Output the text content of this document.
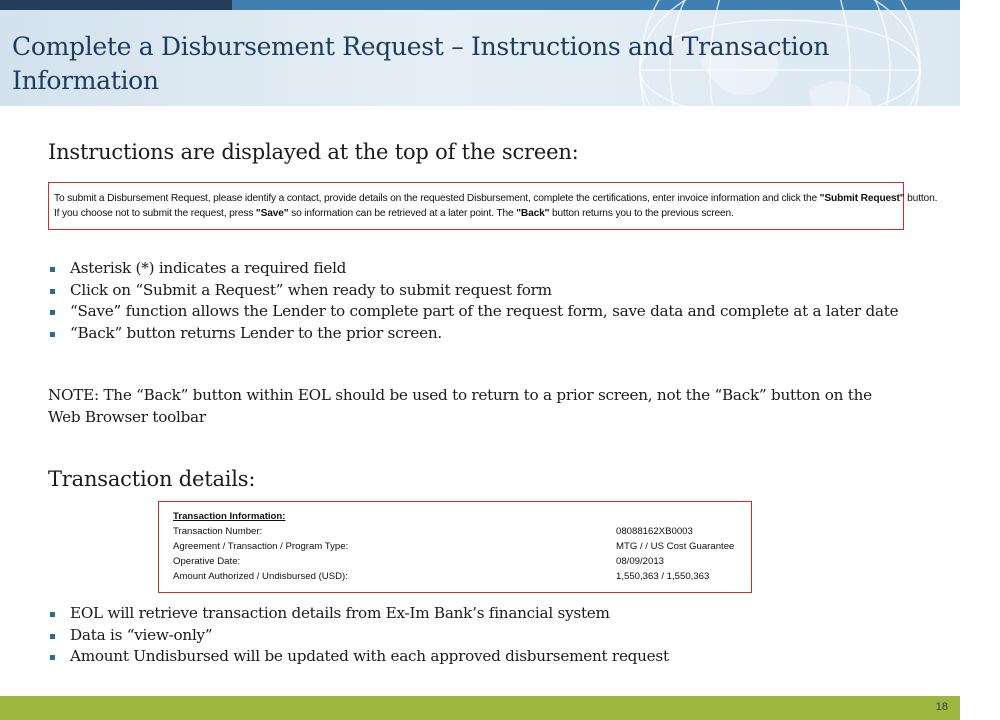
Complete a Disbursement Request – Instructions and Transaction Information
Instructions are displayed at the top of the screen:
To submit a Disbursement Request, please identify a contact, provide details on the requested Disbursement, complete the certifications, enter invoice information and click the "Submit Request" button.
If you choose not to submit the request, press "Save" so information can be retrieved at a later point. The "Back" button returns you to the previous screen.
Asterisk (*) indicates a required field
Click on “Submit a Request” when ready to submit request form
“Save” function allows the Lender to complete part of the request form, save data and complete at a later date
“Back” button returns Lender to the prior screen.

NOTE: The “Back” button within EOL should be used to return to a prior screen, not the “Back” button on the Web Browser toolbar

Transaction details:
Transaction Information:
Transaction Number:	08088162XB0003
Agreement / Transaction / Program Type:	MTG / / US Cost Guarantee
Operative Date:	08/09/2013
Amount Authorized / Undisbursed (USD):	1,550,363 / 1,550,363
EOL will retrieve transaction details from Ex-Im Bank’s financial system
Data is “view-only”
Amount Undisbursed will be updated with each approved disbursement request
18
